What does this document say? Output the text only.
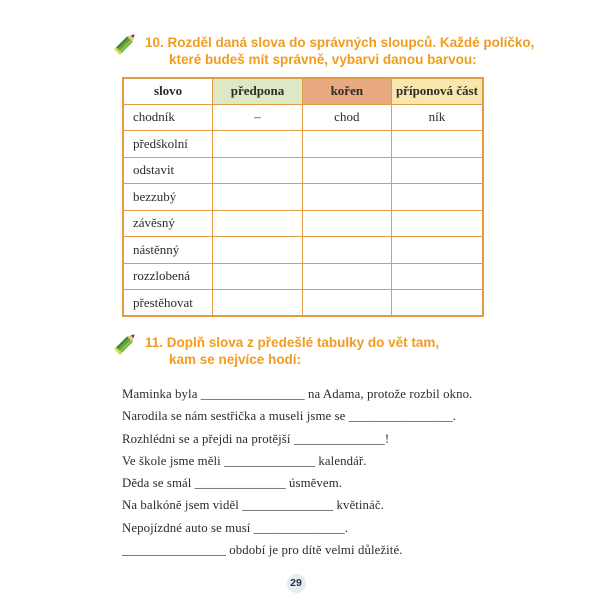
10. Rozděl daná slova do správných sloupců. Každé políčko,
které budeš mít správně, vybarvi danou barvou:
slovo	předpona	kořen	příponová část
chodník	–	chod	ník
předškolní			
odstavit			
bezzubý			
závěsný			
nástěnný			
rozzlobená			
přestěhovat			
11. Doplň slova z předešlé tabulky do vět tam,
kam se nejvíce hodí:
Maminka byla ________________ na Adama, protože rozbil okno.
Narodila se nám sestřička a museli jsme se ________________.
Rozhlédni se a přejdi na protější ______________!
Ve škole jsme měli ______________ kalendář.
Děda se smál ______________ úsměvem.
Na balkóně jsem viděl ______________ květináč.
Nepojízdné auto se musí ______________.
________________ období je pro dítě velmi důležité.
29
